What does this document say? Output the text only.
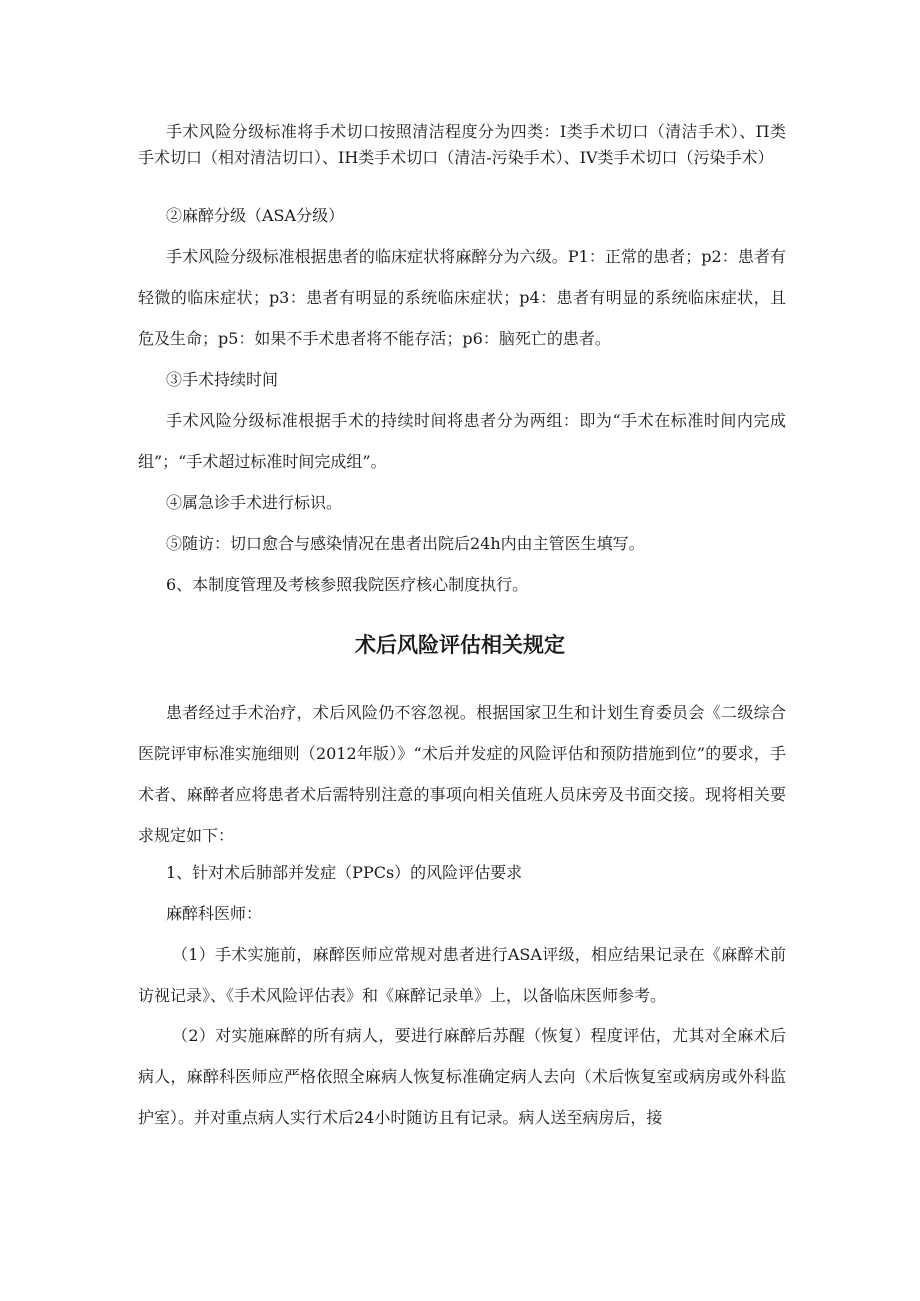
手术风险分级标准将手术切口按照清洁程度分为四类：I类手术切口（清洁手术）、Π类手术切口（相对清洁切口）、IH类手术切口（清洁-污染手术）、IV类手术切口（污染手术）

②麻醉分级（ASA分级）

手术风险分级标准根据患者的临床症状将麻醉分为六级。P1：正常的患者；p2：患者有轻微的临床症状；p3：患者有明显的系统临床症状；p4：患者有明显的系统临床症状，且危及生命；p5：如果不手术患者将不能存活；p6：脑死亡的患者。

③手术持续时间

手术风险分级标准根据手术的持续时间将患者分为两组：即为“手术在标准时间内完成组”；“手术超过标准时间完成组”。

④属急诊手术进行标识。

⑤随访：切口愈合与感染情况在患者出院后24h内由主管医生填写。

6、本制度管理及考核参照我院医疗核心制度执行。

术后风险评估相关规定

患者经过手术治疗，术后风险仍不容忽视。根据国家卫生和计划生育委员会《二级综合医院评审标准实施细则（2012年版）》“术后并发症的风险评估和预防措施到位”的要求，手术者、麻醉者应将患者术后需特别注意的事项向相关值班人员床旁及书面交接。现将相关要求规定如下：

1、针对术后肺部并发症（PPCs）的风险评估要求

麻醉科医师：

（1）手术实施前，麻醉医师应常规对患者进行ASA评级，相应结果记录在《麻醉术前访视记录》、《手术风险评估表》和《麻醉记录单》上，以备临床医师参考。

（2）对实施麻醉的所有病人，要进行麻醉后苏醒（恢复）程度评估，尤其对全麻术后病人，麻醉科医师应严格依照全麻病人恢复标准确定病人去向（术后恢复室或病房或外科监护室）。并对重点病人实行术后24小时随访且有记录。病人送至病房后，接
